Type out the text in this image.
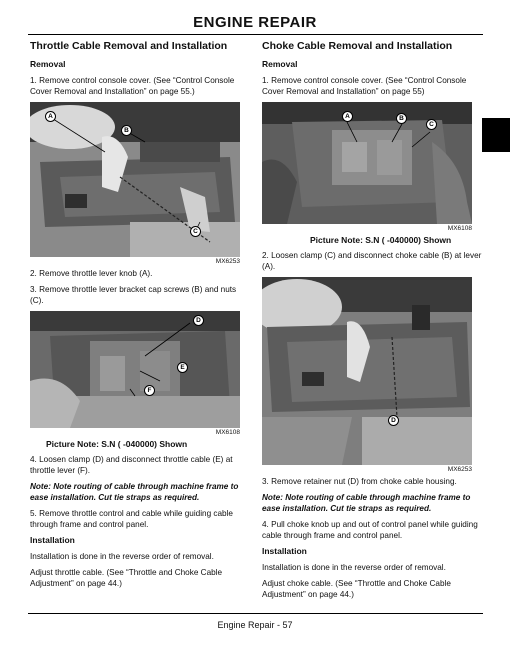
ENGINE REPAIR
Throttle Cable Removal and Installation
Removal
1. Remove control console cover. (See “Control Console Cover Removal and Installation” on page 55.)
A
B
C
MX6253
2. Remove throttle lever knob (A).
3. Remove throttle lever bracket cap screws (B) and nuts (C).
D
E
F
MX6108
Picture Note: S.N ( -040000) Shown
4. Loosen clamp (D) and disconnect throttle cable (E) at throttle lever (F).
Note: Note routing of cable through machine frame to ease installation. Cut tie straps as required.
5. Remove throttle control and cable while guiding cable through frame and control panel.
Installation
Installation is done in the reverse order of removal.
Adjust throttle cable. (See “Throttle and Choke Cable Adjustment” on page 44.)
Choke Cable Removal and Installation
Removal
1. Remove control console cover. (See “Control Console Cover Removal and Installation” on page 55)
A	B
C
MX6108
Picture Note: S.N ( -040000) Shown
2. Loosen clamp (C) and disconnect choke cable (B) at lever (A).
D
MX6253
3. Remove retainer nut (D) from choke cable housing.
Note: Note routing of cable through machine frame to ease installation. Cut tie straps as required.
4. Pull choke knob up and out of control panel while guiding cable through frame and control panel.
Installation
Installation is done in the reverse order of removal.
Adjust choke cable. (See “Throttle and Choke Cable Adjustment” on page 44.)
Engine Repair - 57
